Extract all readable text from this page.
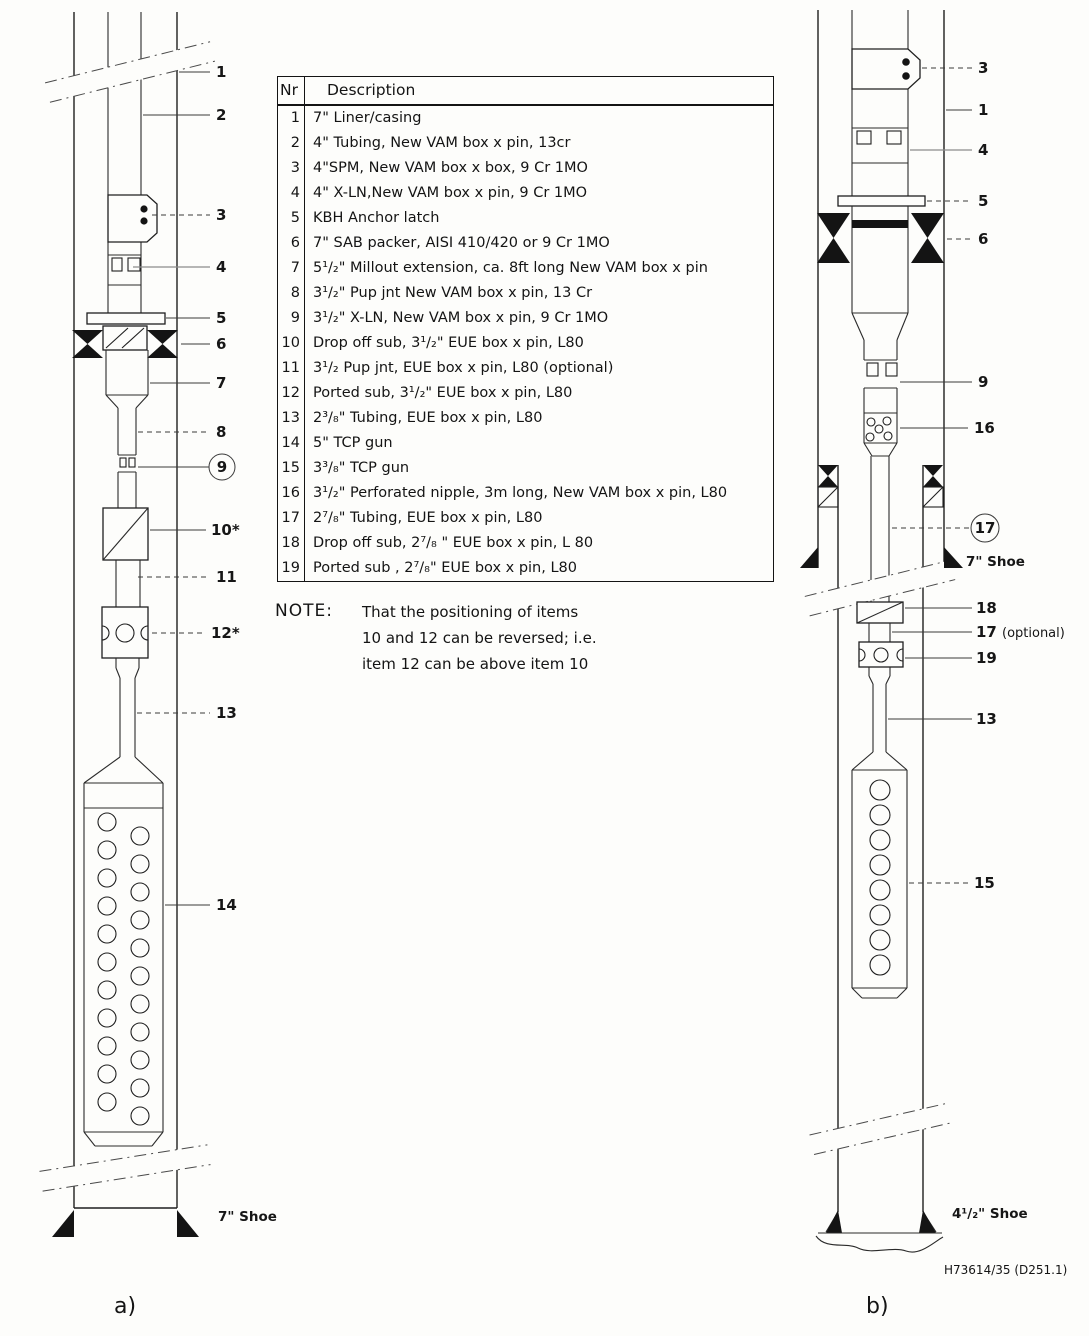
1
2
3
4
5
6
7
8
9
10*
11
12*
13
14
7" Shoe
3
1
4
5
6
9
16
17
7" Shoe
18
17 (optional)
19
13
15
4¹/₂" Shoe
Nr	Description
1	7" Liner/casing
2	4" Tubing, New VAM box x pin, 13cr
3	4"SPM, New VAM box x box, 9 Cr 1MO
4	4" X-LN,New VAM box x pin, 9 Cr 1MO
5	KBH Anchor latch
6	7" SAB packer, AISI 410/420 or 9 Cr 1MO
7	5¹/₂" Millout extension, ca. 8ft long New VAM box x pin
8	3¹/₂" Pup jnt New VAM box x pin, 13 Cr
9	3¹/₂" X-LN, New VAM box x pin, 9 Cr 1MO
10	Drop off sub, 3¹/₂" EUE box x pin, L80
11	3¹/₂ Pup jnt, EUE box x pin, L80 (optional)
12	Ported sub, 3¹/₂" EUE box x pin, L80
13	2³/₈" Tubing, EUE box x pin, L80
14	5" TCP gun
15	3³/₈" TCP gun
16	3¹/₂" Perforated nipple, 3m long, New VAM box x pin, L80
17	2⁷/₈" Tubing, EUE box x pin, L80
18	Drop off sub, 2⁷/₈ " EUE box x pin, L 80
19	Ported sub , 2⁷/₈" EUE box x pin, L80
NOTE: That the positioning of items
10 and 12 can be reversed; i.e.
item 12 can be above item 10
a)	b)
H73614/35 (D251.1)
